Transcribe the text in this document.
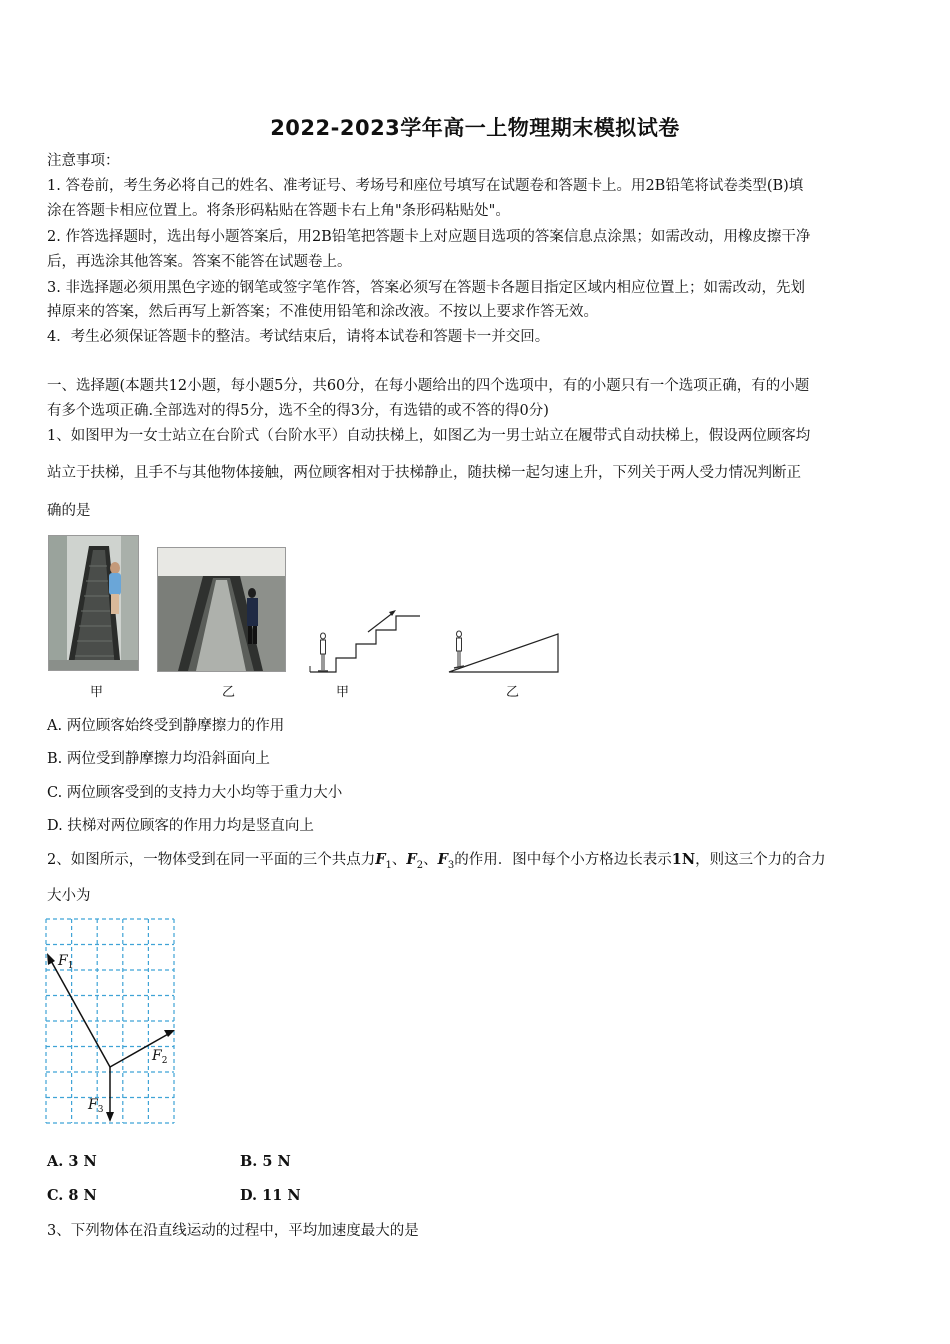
2022-2023学年高一上物理期末模拟试卷
注意事项：
1. 答卷前，考生务必将自己的姓名、准考证号、考场号和座位号填写在试题卷和答题卡上。用2B铅笔将试卷类型(B)填
涂在答题卡相应位置上。将条形码粘贴在答题卡右上角"条形码粘贴处"。
2. 作答选择题时，选出每小题答案后，用2B铅笔把答题卡上对应题目选项的答案信息点涂黑；如需改动，用橡皮擦干净
后，再选涂其他答案。答案不能答在试题卷上。
3. 非选择题必须用黑色字迹的钢笔或签字笔作答，答案必须写在答题卡各题目指定区域内相应位置上；如需改动，先划
掉原来的答案，然后再写上新答案；不准使用铅笔和涂改液。不按以上要求作答无效。
4．考生必须保证答题卡的整洁。考试结束后，请将本试卷和答题卡一并交回。
一、选择题(本题共12小题，每小题5分，共60分，在每小题给出的四个选项中，有的小题只有一个选项正确，有的小题
有多个选项正确.全部选对的得5分，选不全的得3分，有选错的或不答的得0分)
1、如图甲为一女士站立在台阶式（台阶水平）自动扶梯上，如图乙为一男士站立在履带式自动扶梯上，假设两位顾客均
站立于扶梯，且手不与其他物体接触，两位顾客相对于扶梯静止，随扶梯一起匀速上升，下列关于两人受力情况判断正
确的是
甲	乙	甲	乙
A. 两位顾客始终受到静摩擦力的作用
B. 两位受到静摩擦力均沿斜面向上
C. 两位顾客受到的支持力大小均等于重力大小
D. 扶梯对两位顾客的作用力均是竖直向上
2、如图所示，一物体受到在同一平面的三个共点力$F_1$、$F_2$、$F_3$的作用．图中每个小方格边长表示1N，则这三个力的合力
大小为
$F_1$
$F_2$
$F_3$
A. 3 N	B. 5 N
C. 8 N	D. 11 N
3、下列物体在沿直线运动的过程中，平均加速度最大的是
